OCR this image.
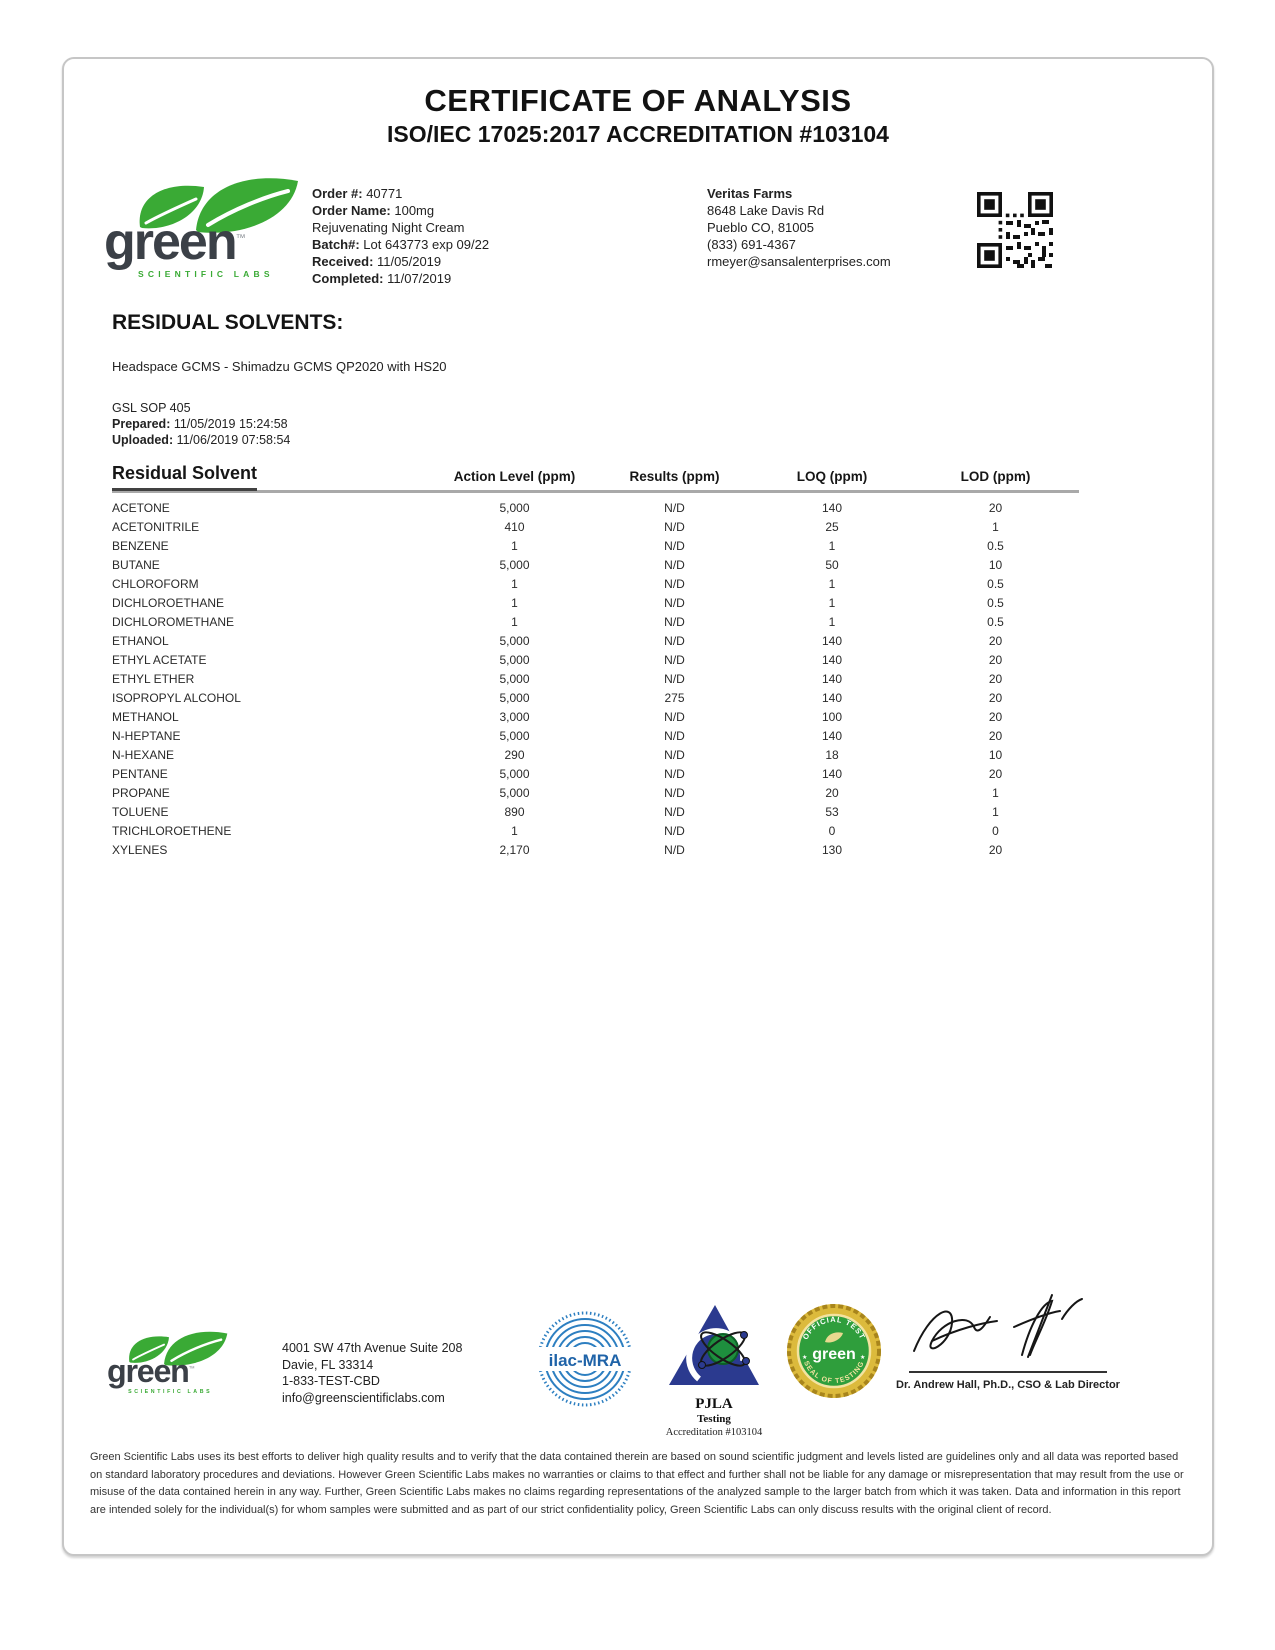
CERTIFICATE OF ANALYSIS
ISO/IEC 17025:2017 ACCREDITATION #103104
green™
SCIENTIFIC LABS
Order #: 40771
Order Name: 100mg
Rejuvenating Night Cream
Batch#: Lot 643773 exp 09/22
Received: 11/05/2019
Completed: 11/07/2019
Veritas Farms
8648 Lake Davis Rd
Pueblo CO, 81005
(833) 691-4367
rmeyer@sansalenterprises.com
RESIDUAL SOLVENTS:
Headspace GCMS - Shimadzu GCMS QP2020 with HS20
GSL SOP 405
Prepared: 11/05/2019 15:24:58
Uploaded: 11/06/2019 07:58:54
Residual Solvent	Action Level (ppm)	Results (ppm)	LOQ (ppm)	LOD (ppm)
ACETONE	5,000	N/D	140	20
ACETONITRILE	410	N/D	25	1
BENZENE	1	N/D	1	0.5
BUTANE	5,000	N/D	50	10
CHLOROFORM	1	N/D	1	0.5
DICHLOROETHANE	1	N/D	1	0.5
DICHLOROMETHANE	1	N/D	1	0.5
ETHANOL	5,000	N/D	140	20
ETHYL ACETATE	5,000	N/D	140	20
ETHYL ETHER	5,000	N/D	140	20
ISOPROPYL ALCOHOL	5,000	275	140	20
METHANOL	3,000	N/D	100	20
N-HEPTANE	5,000	N/D	140	20
N-HEXANE	290	N/D	18	10
PENTANE	5,000	N/D	140	20
PROPANE	5,000	N/D	20	1
TOLUENE	890	N/D	53	1
TRICHLOROETHENE	1	N/D	0	0
XYLENES	2,170	N/D	130	20
green™
SCIENTIFIC LABS
4001 SW 47th Avenue Suite 208
Davie, FL 33314
1-833-TEST-CBD
info@greenscientificlabs.com
ilac-MRA
PJLA
Testing
Accreditation #103104
OFFICIAL TEST
★	★
green
SEAL OF TESTING
Dr. Andrew Hall, Ph.D., CSO & Lab Director
Green Scientific Labs uses its best efforts to deliver high quality results and to verify that the data contained therein are based on sound scientific judgment and levels listed are guidelines only and all data was reported based on standard laboratory procedures and deviations. However Green Scientific Labs makes no warranties or claims to that effect and further shall not be liable for any damage or misrepresentation that may result from the use or misuse of the data contained herein in any way. Further, Green Scientific Labs makes no claims regarding representations of the analyzed sample to the larger batch from which it was taken. Data and information in this report are intended solely for the individual(s) for whom samples were submitted and as part of our strict confidentiality policy, Green Scientific Labs can only discuss results with the original client of record.
